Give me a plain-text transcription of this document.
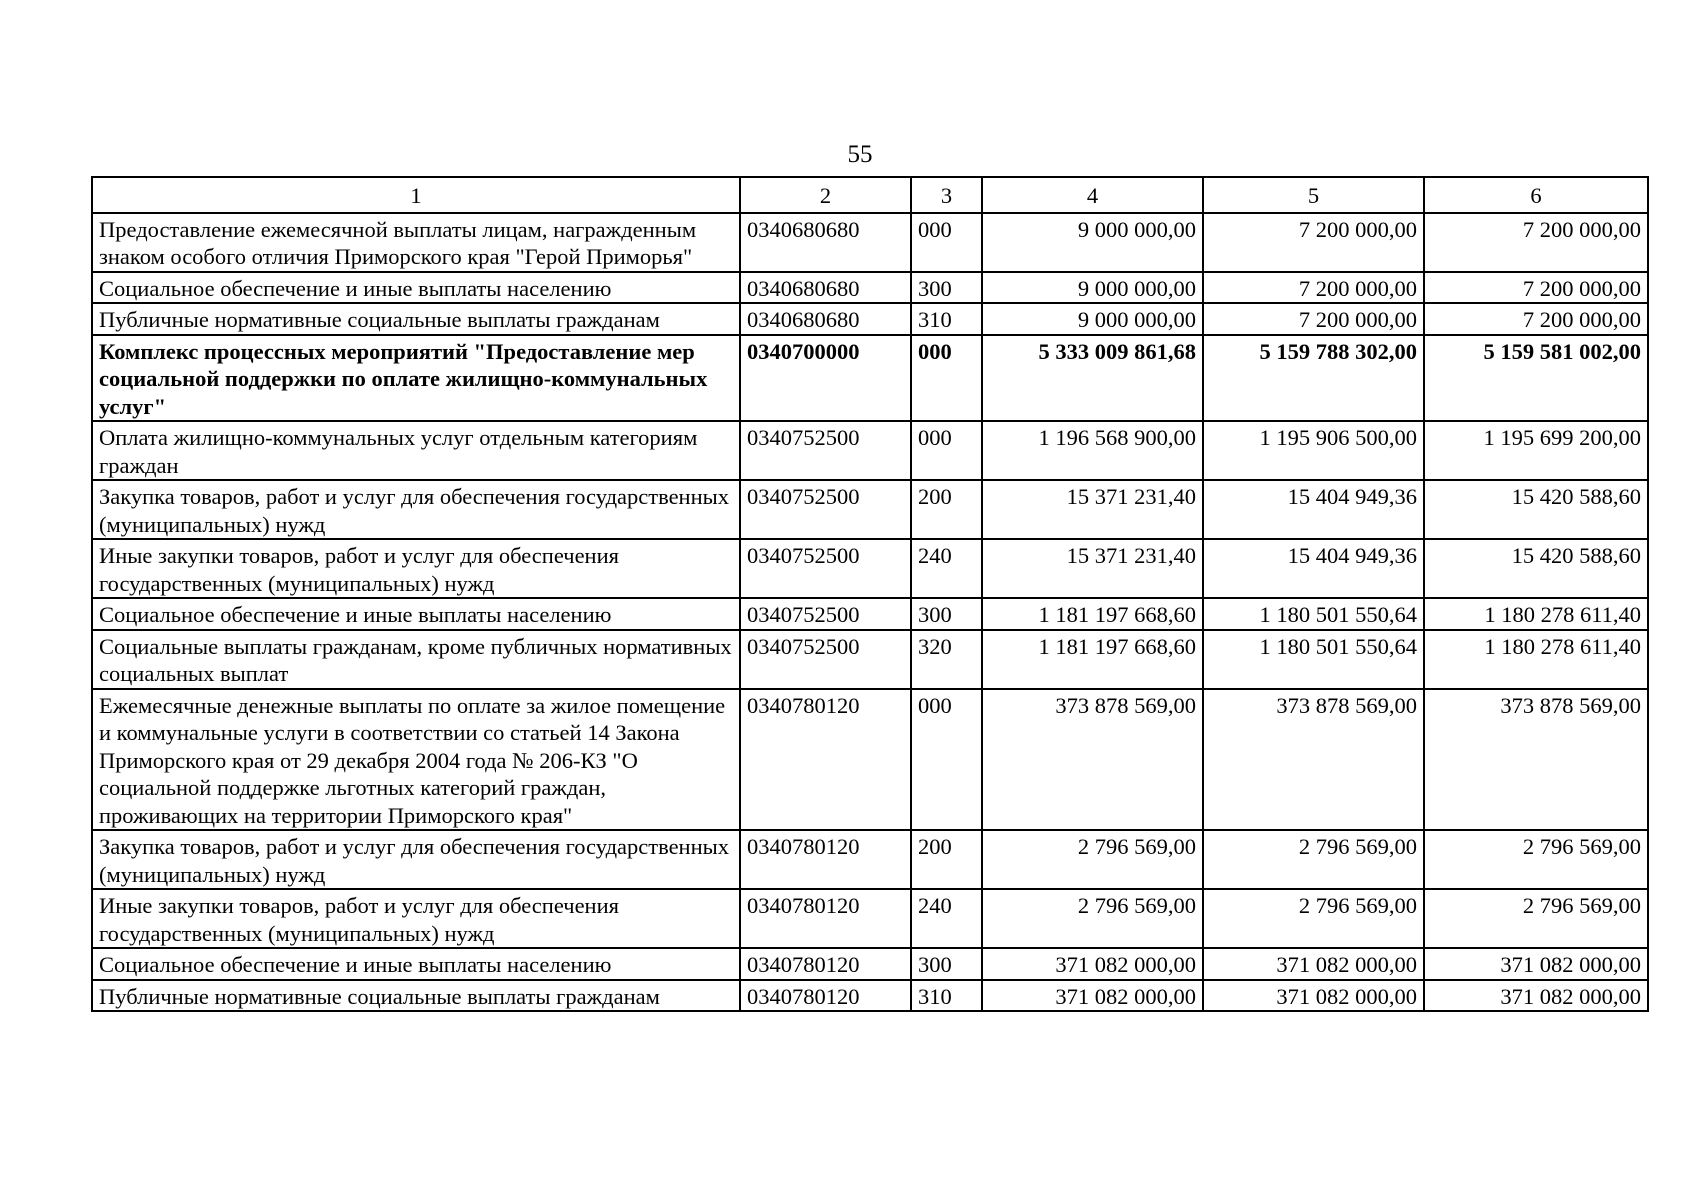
55
1	2	3	4	5	6
Предоставление ежемесячной выплаты лицам, награжденным знаком особого отличия Приморского края "Герой Приморья"	0340680680	000	9 000 000,00	7 200 000,00	7 200 000,00
Социальное обеспечение и иные выплаты населению	0340680680	300	9 000 000,00	7 200 000,00	7 200 000,00
Публичные нормативные социальные выплаты гражданам	0340680680	310	9 000 000,00	7 200 000,00	7 200 000,00
Комплекс процессных мероприятий "Предоставление мер социальной поддержки по оплате жилищно-коммунальных услуг"	0340700000	000	5 333 009 861,68	5 159 788 302,00	5 159 581 002,00
Оплата жилищно-коммунальных услуг отдельным категориям граждан	0340752500	000	1 196 568 900,00	1 195 906 500,00	1 195 699 200,00
Закупка товаров, работ и услуг для обеспечения государственных (муниципальных) нужд	0340752500	200	15 371 231,40	15 404 949,36	15 420 588,60
Иные закупки товаров, работ и услуг для обеспечения государственных (муниципальных) нужд	0340752500	240	15 371 231,40	15 404 949,36	15 420 588,60
Социальное обеспечение и иные выплаты населению	0340752500	300	1 181 197 668,60	1 180 501 550,64	1 180 278 611,40
Социальные выплаты гражданам, кроме публичных нормативных социальных выплат	0340752500	320	1 181 197 668,60	1 180 501 550,64	1 180 278 611,40
Ежемесячные денежные выплаты по оплате за жилое помещение и коммунальные услуги в соответствии со статьей 14 Закона Приморского края от 29 декабря 2004 года № 206-КЗ "О социальной поддержке льготных категорий граждан, проживающих на территории Приморского края"	0340780120	000	373 878 569,00	373 878 569,00	373 878 569,00
Закупка товаров, работ и услуг для обеспечения государственных (муниципальных) нужд	0340780120	200	2 796 569,00	2 796 569,00	2 796 569,00
Иные закупки товаров, работ и услуг для обеспечения государственных (муниципальных) нужд	0340780120	240	2 796 569,00	2 796 569,00	2 796 569,00
Социальное обеспечение и иные выплаты населению	0340780120	300	371 082 000,00	371 082 000,00	371 082 000,00
Публичные нормативные социальные выплаты гражданам	0340780120	310	371 082 000,00	371 082 000,00	371 082 000,00
